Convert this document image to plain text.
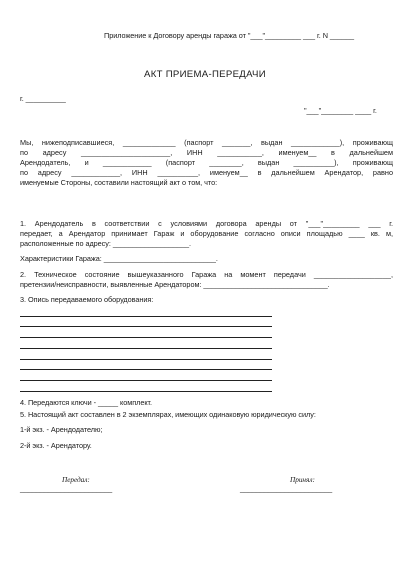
Приложение к Договору аренды гаража от "___"_________ ___ г. N ______
АКТ ПРИЕМА-ПЕРЕДАЧИ
г. __________
"___"________ ____ г.
Мы, нижеподписавшиеся, _____________ (паспорт _______, выдан ____________), проживающ
по адресу ______________________, ИНН ___________, именуем__ в дальнейшем
Арендодатель, и ____________ (паспорт ________, выдан __________), проживающ
по адресу ____________, ИНН __________, именуем__ в дальнейшем Арендатор, равно
именуемые Стороны, составили настоящий акт о том, что:
1. Арендодатель в соответствии с условиями договора аренды от "___"_________ ___ г.
передает, а Арендатор принимает Гараж и оборудование согласно описи площадью ____ кв. м,
расположенные по адресу: ___________________.
Характеристики Гаража: ____________________________.
2. Техническое состояние вышеуказанного Гаража на момент передачи ___________________,
претензии/неисправности, выявленные Арендатором: _______________________________.
3. Опись передаваемого оборудования:
4. Передаются ключи - _____ комплект.
5. Настоящий акт составлен в 2 экземплярах, имеющих одинаковую юридическую силу:
1-й экз. - Арендодателю;
2-й экз. - Арендатору.
Передал:
_______________________
Принял:
_______________________
